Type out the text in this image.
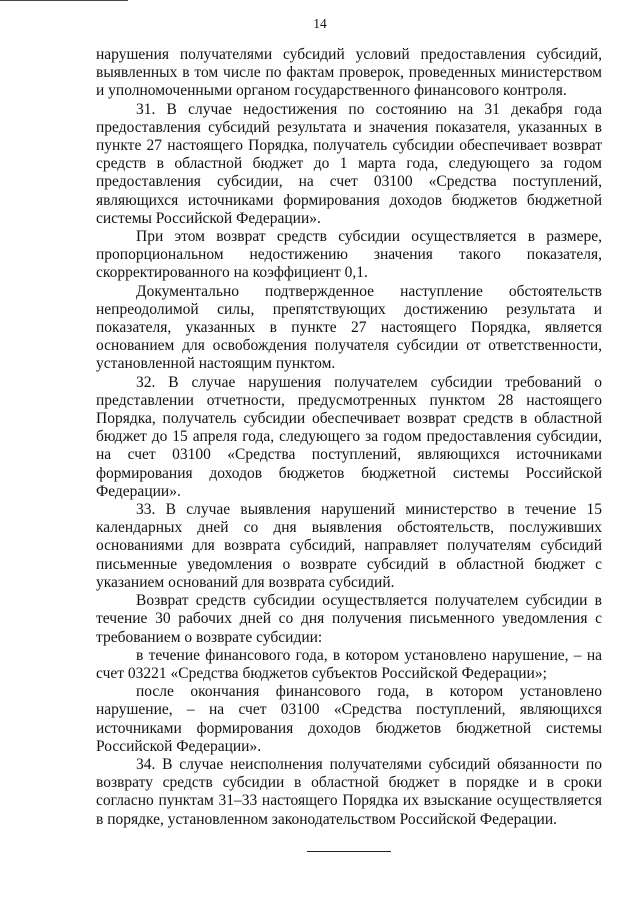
14

нарушения получателями субсидий условий предоставления субсидий, выявленных в том числе по фактам проверок, проведенных министерством и уполномоченными органом государственного финансового контроля.

31. В случае недостижения по состоянию на 31 декабря года предоставления субсидий результата и значения показателя, указанных в пункте 27 настоящего Порядка, получатель субсидии обеспечивает возврат средств в областной бюджет до 1 марта года, следующего за годом предоставления субсидии, на счет 03100 «Средства поступлений, являющихся источниками формирования доходов бюджетов бюджетной системы Российской Федерации».

При этом возврат средств субсидии осуществляется в размере, пропорциональном недостижению значения такого показателя, скорректированного на коэффициент 0,1.

Документально подтвержденное наступление обстоятельств непреодолимой силы, препятствующих достижению результата и показателя, указанных в пункте 27 настоящего Порядка, является основанием для освобождения получателя субсидии от ответственности, установленной настоящим пунктом.

32. В случае нарушения получателем субсидии требований о представлении отчетности, предусмотренных пунктом 28 настоящего Порядка, получатель субсидии обеспечивает возврат средств в областной бюджет до 15 апреля года, следующего за годом предоставления субсидии, на счет 03100 «Средства поступлений, являющихся источниками формирования доходов бюджетов бюджетной системы Российской Федерации».

33. В случае выявления нарушений министерство в течение 15 календарных дней со дня выявления обстоятельств, послуживших основаниями для возврата субсидий, направляет получателям субсидий письменные уведомления о возврате субсидий в областной бюджет с указанием оснований для возврата субсидий.

Возврат средств субсидии осуществляется получателем субсидии в течение 30 рабочих дней со дня получения письменного уведомления с требованием о возврате субсидии:

в течение финансового года, в котором установлено нарушение, – на счет 03221 «Средства бюджетов субъектов Российской Федерации»;

после окончания финансового года, в котором установлено нарушение, – на счет 03100 «Средства поступлений, являющихся источниками формирования доходов бюджетов бюджетной системы Российской Федерации».

34. В случае неисполнения получателями субсидий обязанности по возврату средств субсидии в областной бюджет в порядке и в сроки согласно пунктам 31–33 настоящего Порядка их взыскание осуществляется в порядке, установленном законодательством Российской Федерации.
